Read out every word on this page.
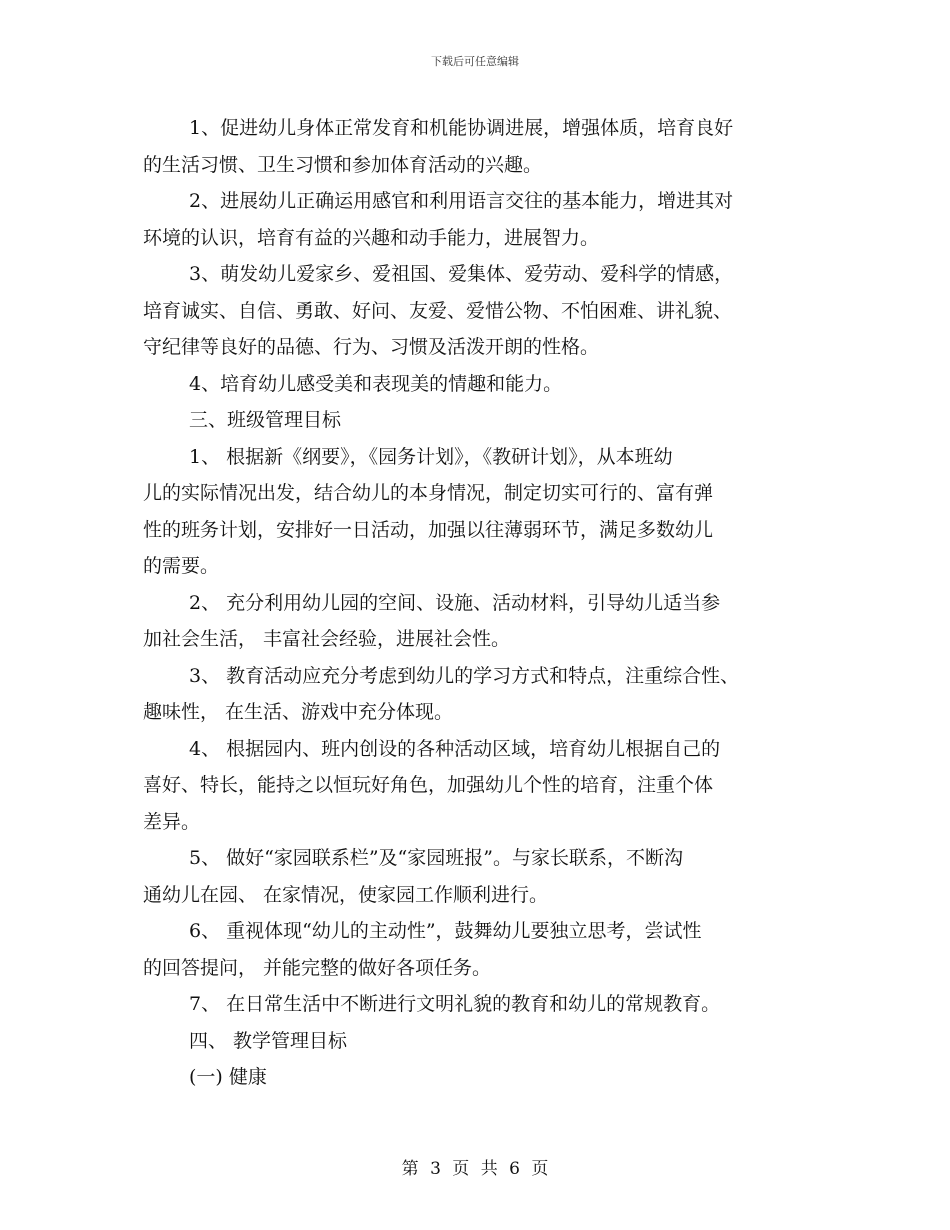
下载后可任意编辑
1、促进幼儿身体正常发育和机能协调进展，增强体质，培育良好
的生活习惯、卫生习惯和参加体育活动的兴趣。
2、进展幼儿正确运用感官和利用语言交往的基本能力，增进其对
环境的认识，培育有益的兴趣和动手能力，进展智力。
3、萌发幼儿爱家乡、爱祖国、爱集体、爱劳动、爱科学的情感，
培育诚实、自信、勇敢、好问、友爱、爱惜公物、不怕困难、讲礼貌、
守纪律等良好的品德、行为、习惯及活泼开朗的性格。
4、培育幼儿感受美和表现美的情趣和能力。
三、班级管理目标
1、 根据新《纲要》，《园务计划》，《教研计划》，从本班幼
儿的实际情况出发，结合幼儿的本身情况，制定切实可行的、富有弹
性的班务计划，安排好一日活动，加强以往薄弱环节，满足多数幼儿
的需要。
2、 充分利用幼儿园的空间、设施、活动材料，引导幼儿适当参
加社会生活， 丰富社会经验，进展社会性。
3、 教育活动应充分考虑到幼儿的学习方式和特点，注重综合性、
趣味性， 在生活、游戏中充分体现。
4、 根据园内、班内创设的各种活动区域，培育幼儿根据自己的
喜好、特长，能持之以恒玩好角色，加强幼儿个性的培育，注重个体
差异。
5、 做好“家园联系栏”及“家园班报”。与家长联系，不断沟
通幼儿在园、 在家情况，使家园工作顺利进行。
6、 重视体现“幼儿的主动性”，鼓舞幼儿要独立思考，尝试性
的回答提问， 并能完整的做好各项任务。
7、 在日常生活中不断进行文明礼貌的教育和幼儿的常规教育。
四、 教学管理目标
(一) 健康
第 3 页 共 6 页
